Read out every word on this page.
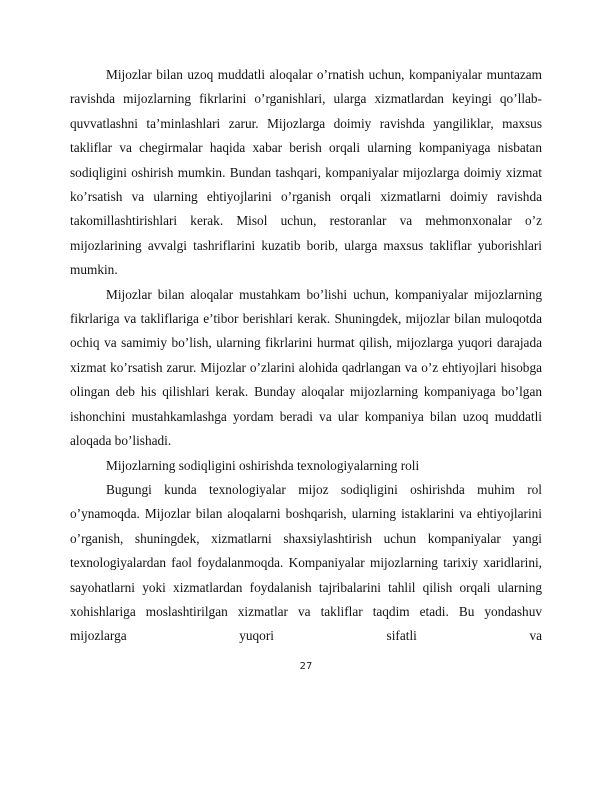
Mijozlar bilan uzoq muddatli aloqalar o’rnatish uchun, kompaniyalar muntazam ravishda mijozlarning fikrlarini o’rganishlari, ularga xizmatlardan keyingi qo’llab-quvvatlashni ta’minlashlari zarur. Mijozlarga doimiy ravishda yangiliklar, maxsus takliflar va chegirmalar haqida xabar berish orqali ularning kompaniyaga nisbatan sodiqligini oshirish mumkin. Bundan tashqari, kompaniyalar mijozlarga doimiy xizmat ko’rsatish va ularning ehtiyojlarini o’rganish orqali xizmatlarni doimiy ravishda takomillashtirishlari kerak. Misol uchun, restoranlar va mehmonxonalar o’z mijozlarining avvalgi tashriflarini kuzatib borib, ularga maxsus takliflar yuborishlari mumkin.

Mijozlar bilan aloqalar mustahkam bo’lishi uchun, kompaniyalar mijozlarning fikrlariga va takliflariga e’tibor berishlari kerak. Shuningdek, mijozlar bilan muloqotda ochiq va samimiy bo’lish, ularning fikrlarini hurmat qilish, mijozlarga yuqori darajada xizmat ko’rsatish zarur. Mijozlar o’zlarini alohida qadrlangan va o’z ehtiyojlari hisobga olingan deb his qilishlari kerak. Bunday aloqalar mijozlarning kompaniyaga bo’lgan ishonchini mustahkamlashga yordam beradi va ular kompaniya bilan uzoq muddatli aloqada bo’lishadi.

Mijozlarning sodiqligini oshirishda texnologiyalarning roli

Bugungi kunda texnologiyalar mijoz sodiqligini oshirishda muhim rol o’ynamoqda. Mijozlar bilan aloqalarni boshqarish, ularning istaklarini va ehtiyojlarini o’rganish, shuningdek, xizmatlarni shaxsiylashtirish uchun kompaniyalar yangi texnologiyalardan faol foydalanmoqda. Kompaniyalar mijozlarning tarixiy xaridlarini, sayohatlarni yoki xizmatlardan foydalanish tajribalarini tahlil qilish orqali ularning xohishlariga moslashtirilgan xizmatlar va takliflar taqdim etadi. Bu yondashuv mijozlarga yuqori sifatli va

27
